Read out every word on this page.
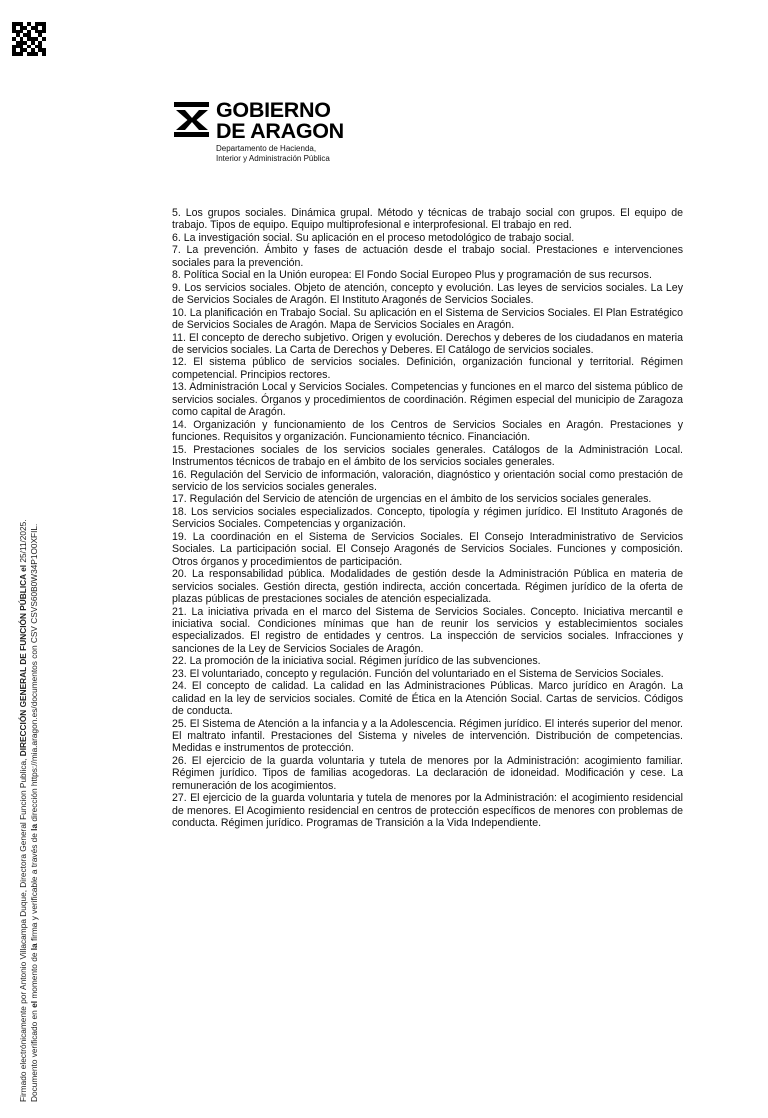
Firmado electrónicamente por Antonio Villacampa Duque, Directora General Funcion Publica, DIRECCIÓN GENERAL DE FUNCIÓN PÚBLICA el 25/11/2025.
Documento verificado en el momento de la firma y verificable a través de la dirección https://mia.aragon.es/documentos con CSV CSVS60B0W34P1O0XFIL.
GOBIERNO
DE ARAGON
Departamento de Hacienda,
Interior y Administración Pública

5. Los grupos sociales. Dinámica grupal. Método y técnicas de trabajo social con grupos. El equipo de trabajo. Tipos de equipo. Equipo multiprofesional e interprofesional. El trabajo en red.

6. La investigación social. Su aplicación en el proceso metodológico de trabajo social.

7. La prevención. Ámbito y fases de actuación desde el trabajo social. Prestaciones e intervenciones sociales para la prevención.

8. Política Social en la Unión europea: El Fondo Social Europeo Plus y programación de sus recursos.

9. Los servicios sociales. Objeto de atención, concepto y evolución. Las leyes de servicios sociales. La Ley de Servicios Sociales de Aragón. El Instituto Aragonés de Servicios Sociales.

10. La planificación en Trabajo Social. Su aplicación en el Sistema de Servicios Sociales. El Plan Estratégico de Servicios Sociales de Aragón. Mapa de Servicios Sociales en Aragón.

11. El concepto de derecho subjetivo. Origen y evolución. Derechos y deberes de los ciudadanos en materia de servicios sociales. La Carta de Derechos y Deberes. El Catálogo de servicios sociales.

12. El sistema público de servicios sociales. Definición, organización funcional y territorial. Régimen competencial. Principios rectores.

13. Administración Local y Servicios Sociales. Competencias y funciones en el marco del sistema público de servicios sociales. Órganos y procedimientos de coordinación. Régimen especial del municipio de Zaragoza como capital de Aragón.

14. Organización y funcionamiento de los Centros de Servicios Sociales en Aragón. Prestaciones y funciones. Requisitos y organización. Funcionamiento técnico. Financiación.

15. Prestaciones sociales de los servicios sociales generales. Catálogos de la Administración Local. Instrumentos técnicos de trabajo en el ámbito de los servicios sociales generales.

16. Regulación del Servicio de información, valoración, diagnóstico y orientación social como prestación de servicio de los servicios sociales generales.

17. Regulación del Servicio de atención de urgencias en el ámbito de los servicios sociales generales.

18. Los servicios sociales especializados. Concepto, tipología y régimen jurídico. El Instituto Aragonés de Servicios Sociales. Competencias y organización.

19. La coordinación en el Sistema de Servicios Sociales. El Consejo Interadministrativo de Servicios Sociales. La participación social. El Consejo Aragonés de Servicios Sociales. Funciones y composición. Otros órganos y procedimientos de participación.

20. La responsabilidad pública. Modalidades de gestión desde la Administración Pública en materia de servicios sociales. Gestión directa, gestión indirecta, acción concertada. Régimen jurídico de la oferta de plazas públicas de prestaciones sociales de atención especializada.

21. La iniciativa privada en el marco del Sistema de Servicios Sociales. Concepto. Iniciativa mercantil e iniciativa social. Condiciones mínimas que han de reunir los servicios y establecimientos sociales especializados. El registro de entidades y centros. La inspección de servicios sociales. Infracciones y sanciones de la Ley de Servicios Sociales de Aragón.

22. La promoción de la iniciativa social. Régimen jurídico de las subvenciones.

23. El voluntariado, concepto y regulación. Función del voluntariado en el Sistema de Servicios Sociales.

24. El concepto de calidad. La calidad en las Administraciones Públicas. Marco jurídico en Aragón. La calidad en la ley de servicios sociales. Comité de Ética en la Atención Social. Cartas de servicios. Códigos de conducta.

25. El Sistema de Atención a la infancia y a la Adolescencia. Régimen jurídico. El interés superior del menor. El maltrato infantil. Prestaciones del Sistema y niveles de intervención. Distribución de competencias. Medidas e instrumentos de protección.

26. El ejercicio de la guarda voluntaria y tutela de menores por la Administración: acogimiento familiar. Régimen jurídico. Tipos de familias acogedoras. La declaración de idoneidad. Modificación y cese. La remuneración de los acogimientos.

27. El ejercicio de la guarda voluntaria y tutela de menores por la Administración: el acogimiento residencial de menores. El Acogimiento residencial en centros de protección específicos de menores con problemas de conducta. Régimen jurídico. Programas de Transición a la Vida Independiente.
